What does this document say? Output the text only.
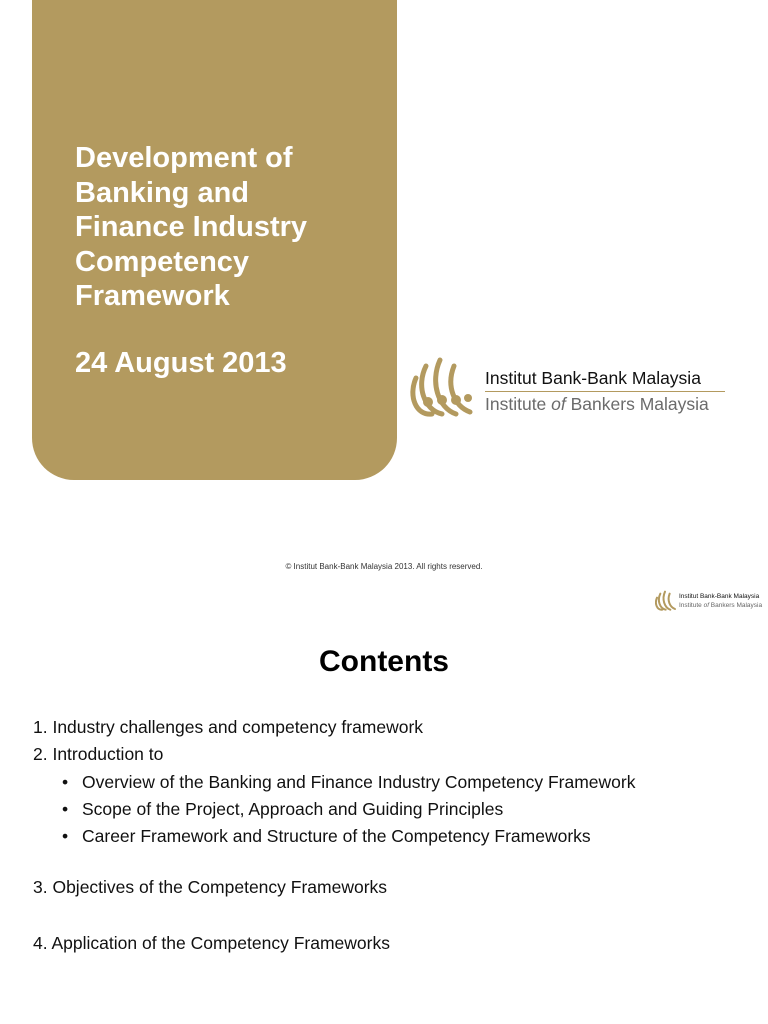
Development of
Banking and
Finance Industry
Competency
Framework
24 August 2013	Institut Bank-Bank Malaysia
Institute of Bankers Malaysia
© Institut Bank-Bank Malaysia 2013. All rights reserved.
Institut Bank-Bank Malaysia
Institute of Bankers Malaysia
Contents
1. Industry challenges and competency framework
2. Introduction to
• Overview of the Banking and Finance Industry Competency Framework
• Scope of the Project, Approach and Guiding Principles
• Career Framework and Structure of the Competency Frameworks
3. Objectives of the Competency Frameworks
4. Application of the Competency Frameworks
